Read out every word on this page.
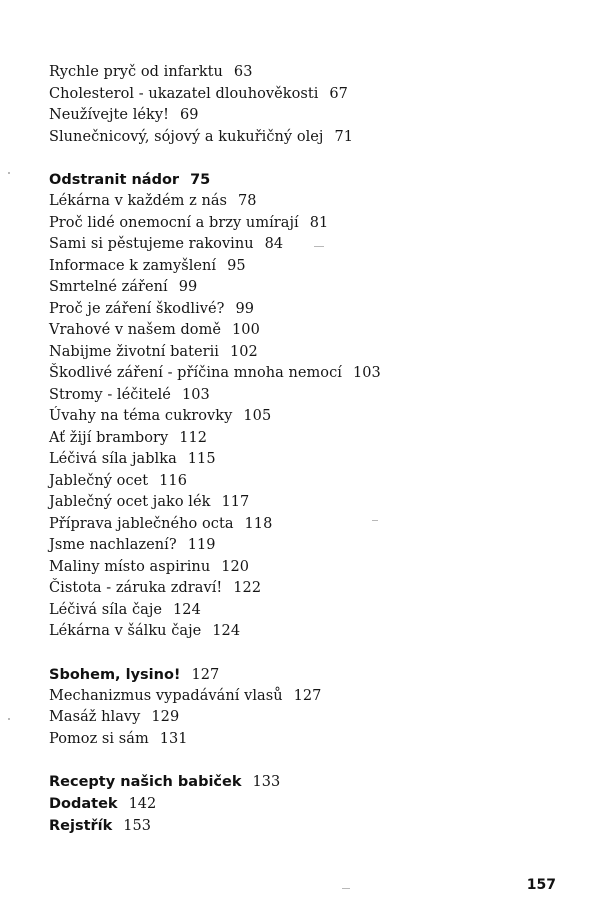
Rychle pryč od infarktu 63
Cholesterol - ukazatel dlouhověkosti 67
Neužívejte léky! 69
Slunečnicový, sójový a kukuřičný olej 71
Odstranit nádor 75
Lékárna v každém z nás 78
Proč lidé onemocní a brzy umírají 81
Sami si pěstujeme rakovinu 84
Informace k zamyšlení 95
Smrtelné záření 99
Proč je záření škodlivé? 99
Vrahové v našem domě 100
Nabijme životní baterii 102
Škodlivé záření - příčina mnoha nemocí 103
Stromy - léčitelé 103
Úvahy na téma cukrovky 105
Ať žijí brambory 112
Léčivá síla jablka 115
Jablečný ocet 116
Jablečný ocet jako lék 117
Příprava jablečného octa 118
Jsme nachlazení? 119
Maliny místo aspirinu 120
Čistota - záruka zdraví! 122
Léčivá síla čaje 124
Lékárna v šálku čaje 124
Sbohem, lysino! 127
Mechanizmus vypadávání vlasů 127
Masáž hlavy 129
Pomoz si sám 131
Recepty našich babiček 133
Dodatek 142
Rejstřík 153
157
